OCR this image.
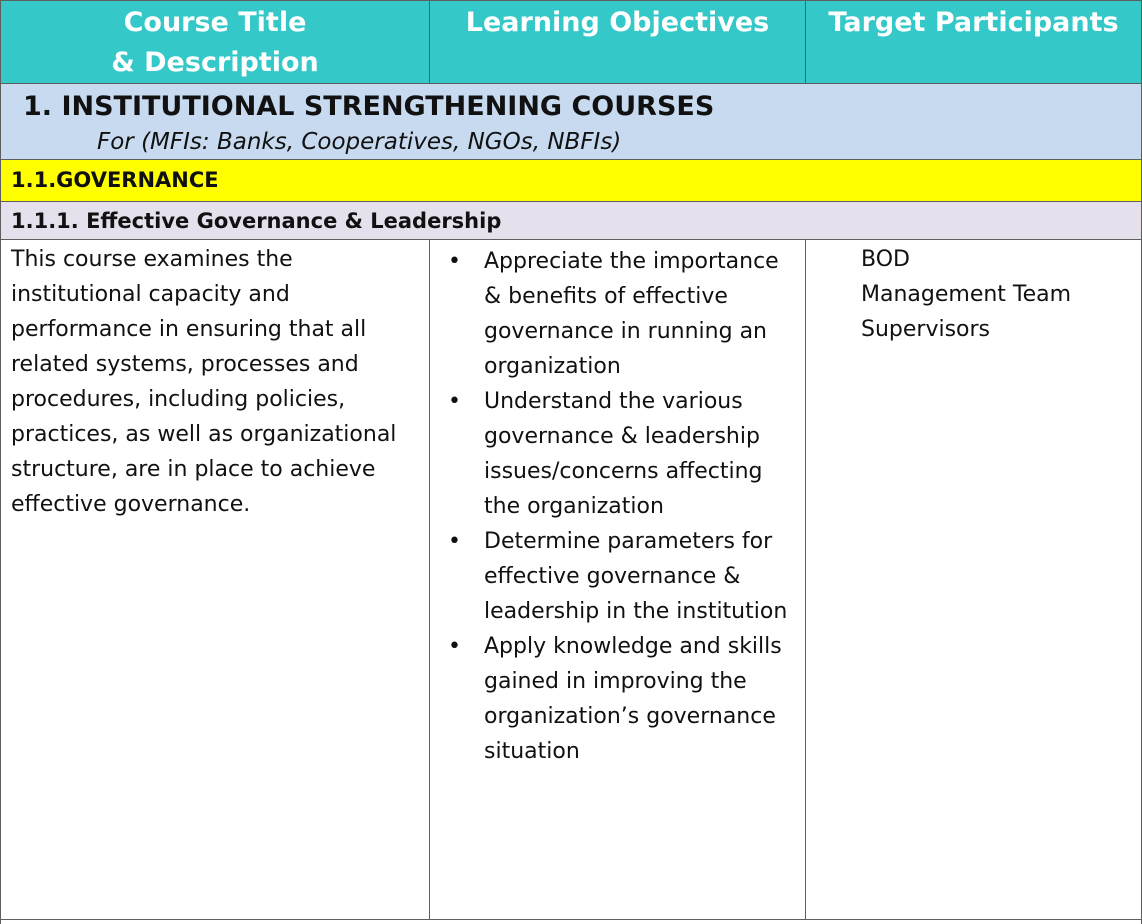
Course Title
& Description
Learning Objectives	Target Participants
1. INSTITUTIONAL STRENGTHENING COURSES
For (MFIs: Banks, Cooperatives, NGOs, NBFIs)
1.1.GOVERNANCE
1.1.1. Effective Governance & Leadership

This course examines the institutional capacity and performance in ensuring that all related systems, processes and procedures, including policies, practices, as well as organizational structure, are in place to achieve effective governance.

• Appreciate the importance & benefits of effective governance in running an organization
• Understand the various governance & leadership issues/concerns affecting the organization
• Determine parameters for effective governance & leadership in the institution
• Apply knowledge and skills gained in improving the organization’s governance situation
BOD
Management Team
Supervisors
